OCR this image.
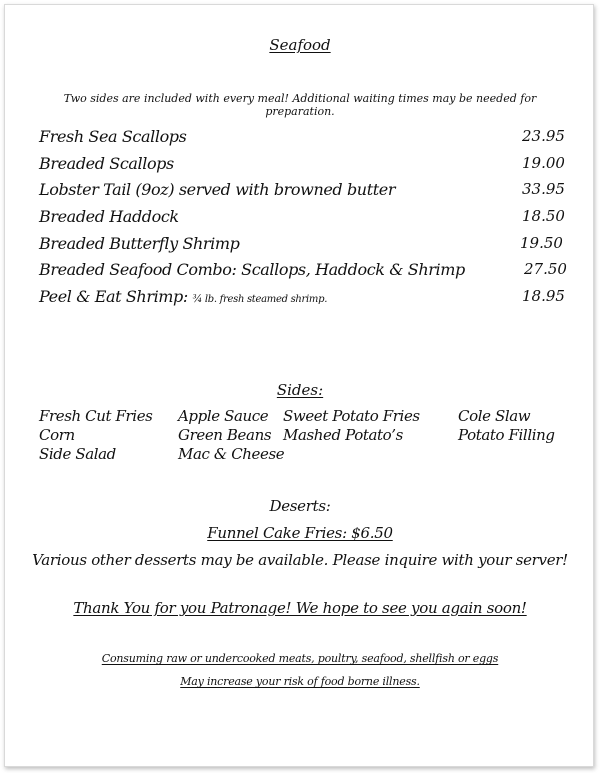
Seafood
Two sides are included with every meal! Additional waiting times may be needed for preparation.
Fresh Sea Scallops	23.95
Breaded Scallops	19.00
Lobster Tail (9oz) served with browned butter	33.95
Breaded Haddock	18.50
Breaded Butterfly Shrimp	19.50
Breaded Seafood Combo: Scallops, Haddock & Shrimp	27.50
Peel & Eat Shrimp: ¾ lb. fresh steamed shrimp.	18.95
Sides:
Fresh Cut Fries
Corn
Side Salad
Apple Sauce
Green Beans
Mac & Cheese
Sweet Potato Fries
Mashed Potato’s
Cole Slaw
Potato Filling
Deserts:
Funnel Cake Fries: $6.50
Various other desserts may be available. Please inquire with your server!
Thank You for you Patronage! We hope to see you again soon!
Consuming raw or undercooked meats, poultry, seafood, shellfish or eggs
May increase your risk of food borne illness.
